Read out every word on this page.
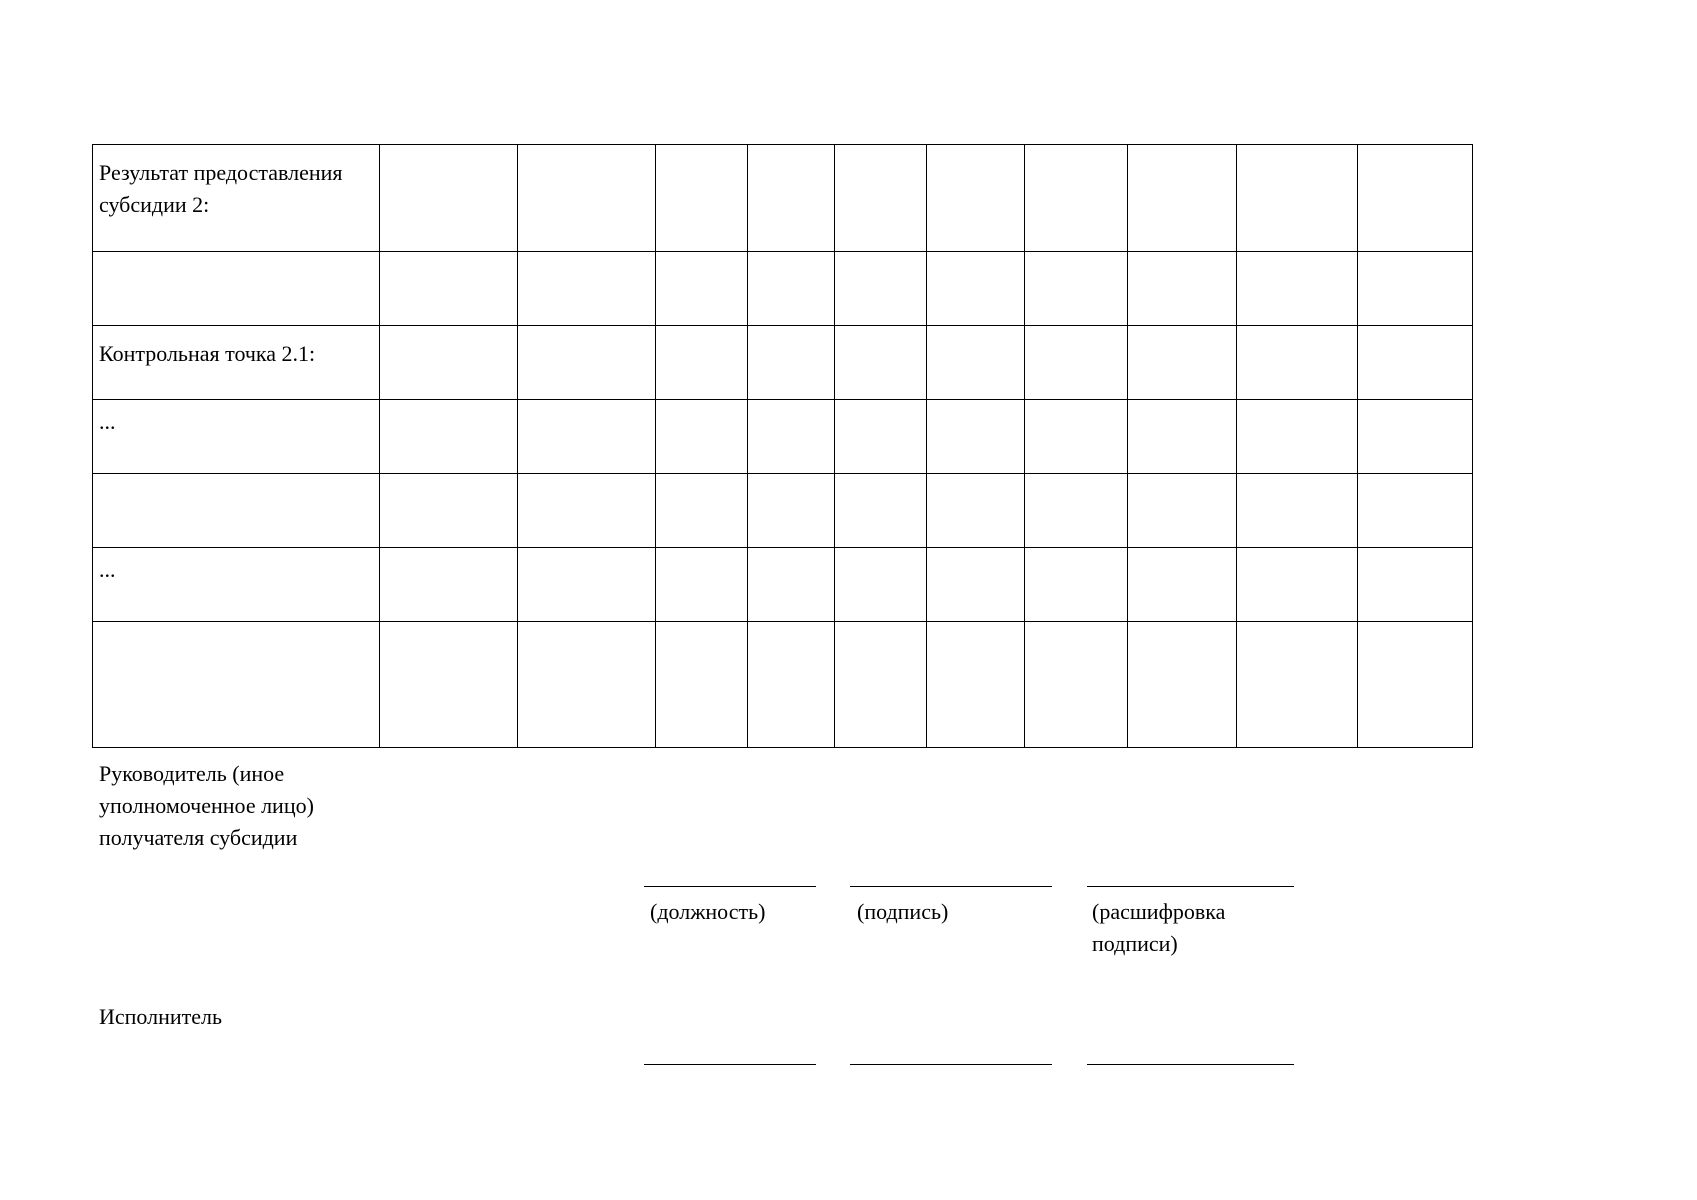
Результат предоставления субсидии 2:										

Контрольная точка 2.1:										
...										

...										

Руководитель (иное
уполномоченное лицо)
получателя субсидии
(должность)	(подпись)	(расшифровка
подписи)
Исполнитель
